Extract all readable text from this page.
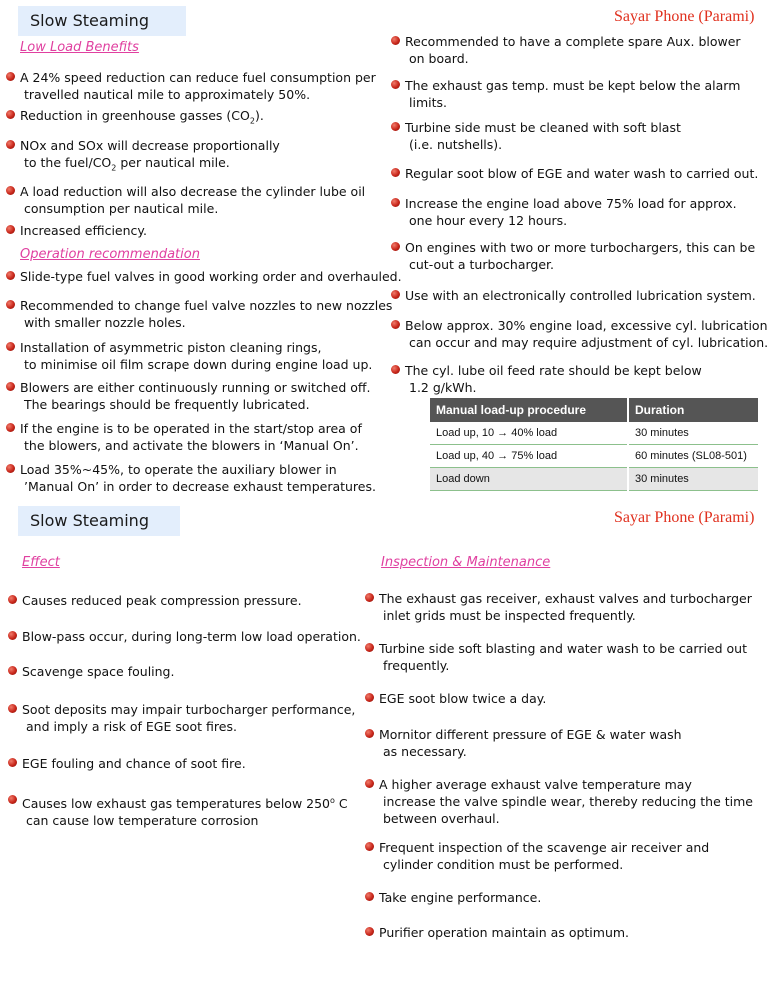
Slow Steaming	Sayar Phone (Parami)
Low Load Benefits
A 24% speed reduction can reduce fuel consumption per
travelled nautical mile to approximately 50%.
Reduction in greenhouse gasses $(CO_2)$.
NOx and SOx will decrease proportionally
to the fuel/$CO_2$ per nautical mile.
A load reduction will also decrease the cylinder lube oil
consumption per nautical mile.
Increased efficiency.
Operation recommendation
Slide-type fuel valves in good working order and overhauled.
Recommended to change fuel valve nozzles to new nozzles
with smaller nozzle holes.
Installation of asymmetric piston cleaning rings,
to minimise oil film scrape down during engine load up.
Blowers are either continuously running or switched off.
The bearings should be frequently lubricated.
If the engine is to be operated in the start/stop area of
the blowers, and activate the blowers in ‘Manual On’.
Load 35%~45%, to operate the auxiliary blower in
’Manual On’ in order to decrease exhaust temperatures.
Recommended to have a complete spare Aux. blower
on board.
The exhaust gas temp. must be kept below the alarm
limits.
Turbine side must be cleaned with soft blast
(i.e. nutshells).
Regular soot blow of EGE and water wash to carried out.
Increase the engine load above 75% load for approx.
one hour every 12 hours.
On engines with two or more turbochargers, this can be
cut-out a turbocharger.
Use with an electronically controlled lubrication system.
Below approx. 30% engine load, excessive cyl. lubrication
can occur and may require adjustment of cyl. lubrication.
The cyl. lube oil feed rate should be kept below
1.2 g/kWh.
Manual load-up procedure	Duration
Load up, 10 → 40% load	30 minutes
Load up, 40 → 75% load	60 minutes (SL08-501)
Load down	30 minutes
Slow Steaming	Sayar Phone (Parami)
Effect	Inspection & Maintenance
Causes reduced peak compression pressure.
Blow-pass occur, during long-term low load operation.
Scavenge space fouling.
Soot deposits may impair turbocharger performance,
and imply a risk of EGE soot fires.
EGE fouling and chance of soot fire.
Causes low exhaust gas temperatures below 250$^o$ C
can cause low temperature corrosion
The exhaust gas receiver, exhaust valves and turbocharger
inlet grids must be inspected frequently.
Turbine side soft blasting and water wash to be carried out
frequently.
EGE soot blow twice a day.
Mornitor different pressure of EGE & water wash
as necessary.
A higher average exhaust valve temperature may
increase the valve spindle wear, thereby reducing the time
between overhaul.
Frequent inspection of the scavenge air receiver and
cylinder condition must be performed.
Take engine performance.
Purifier operation maintain as optimum.
